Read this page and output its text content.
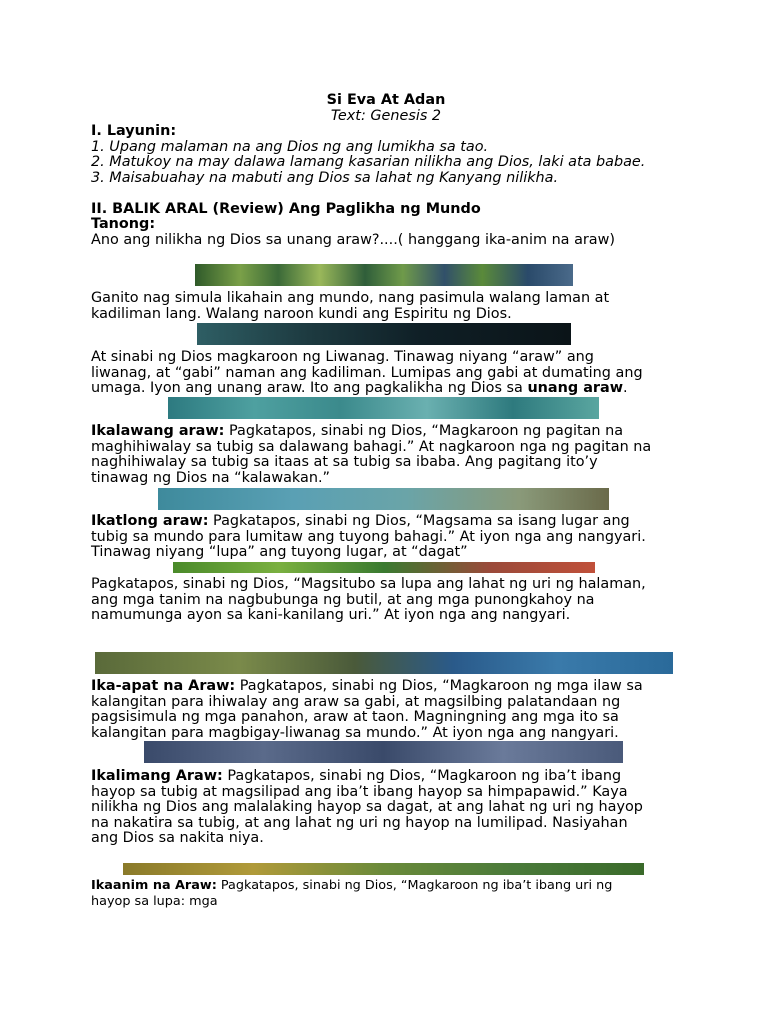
Si Eva At Adan
Text: Genesis 2
I. Layunin:
1. Upang malaman na ang Dios ng ang lumikha sa tao.
2. Matukoy na may dalawa lamang kasarian nilikha ang Dios, laki ata babae.
3. Maisabuahay na mabuti ang Dios sa lahat ng Kanyang nilikha.
II. BALIK ARAL (Review) Ang Paglikha ng Mundo
Tanong:
Ano ang nilikha ng Dios sa unang araw?....( hanggang ika-anim na araw)
Ganito nag simula likahain ang mundo, nang pasimula walang laman at
kadiliman lang. Walang naroon kundi ang Espiritu ng Dios.
At sinabi ng Dios magkaroon ng Liwanag. Tinawag niyang “araw” ang
liwanag, at “gabi” naman ang kadiliman. Lumipas ang gabi at dumating ang
umaga. Iyon ang unang araw. Ito ang pagkalikha ng Dios sa unang araw.
Ikalawang araw: Pagkatapos, sinabi ng Dios, “Magkaroon ng pagitan na
maghihiwalay sa tubig sa dalawang bahagi.” At nagkaroon nga ng pagitan na
naghihiwalay sa tubig sa itaas at sa tubig sa ibaba. Ang pagitang ito’y
tinawag ng Dios na “kalawakan.”
Ikatlong araw: Pagkatapos, sinabi ng Dios, “Magsama sa isang lugar ang
tubig sa mundo para lumitaw ang tuyong bahagi.” At iyon nga ang nangyari.
Tinawag niyang “lupa” ang tuyong lugar, at “dagat”
Pagkatapos, sinabi ng Dios, “Magsitubo sa lupa ang lahat ng uri ng halaman,
ang mga tanim na nagbubunga ng butil, at ang mga punongkahoy na
namumunga ayon sa kani-kanilang uri.” At iyon nga ang nangyari.
Ika-apat na Araw: Pagkatapos, sinabi ng Dios, “Magkaroon ng mga ilaw sa
kalangitan para ihiwalay ang araw sa gabi, at magsilbing palatandaan ng
pagsisimula ng mga panahon, araw at taon. Magningning ang mga ito sa
kalangitan para magbigay-liwanag sa mundo.” At iyon nga ang nangyari.
Ikalimang Araw: Pagkatapos, sinabi ng Dios, “Magkaroon ng iba’t ibang
hayop sa tubig at magsilipad ang iba’t ibang hayop sa himpapawid.” Kaya
nilikha ng Dios ang malalaking hayop sa dagat, at ang lahat ng uri ng hayop
na nakatira sa tubig, at ang lahat ng uri ng hayop na lumilipad. Nasiyahan
ang Dios sa nakita niya.
Ikaanim na Araw: Pagkatapos, sinabi ng Dios, “Magkaroon ng iba’t ibang uri ng
hayop sa lupa: mga
